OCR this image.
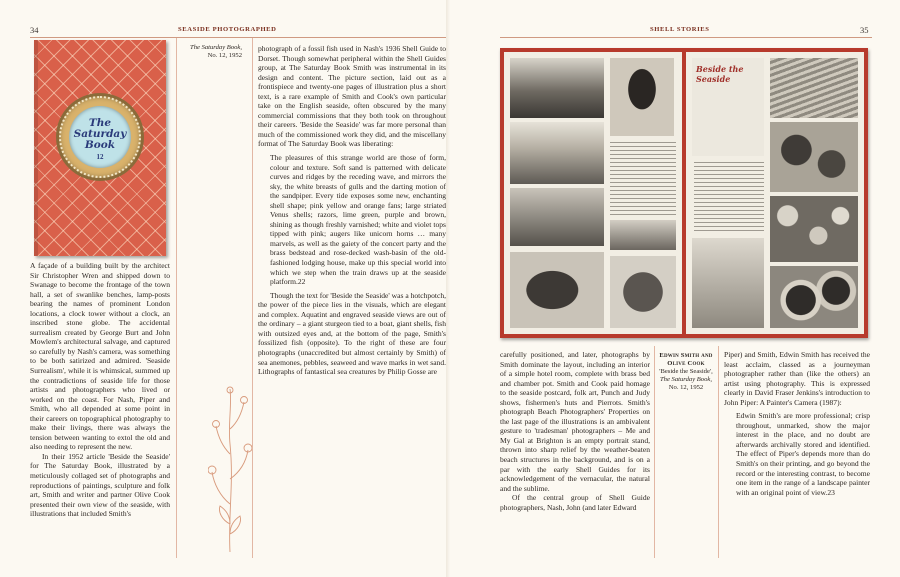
34	SEASIDE PHOTOGRAPHED
The Saturday Book
12
The Saturday Book,
No. 12, 1952

A façade of a building built by the architect Sir Christopher Wren and shipped down to Swanage to become the frontage of the town hall, a set of swanlike benches, lamp-posts bearing the names of prominent London locations, a clock tower without a clock, an inscribed stone globe. The accidental surrealism created by George Burt and John Mowlem's architectural salvage, and captured so carefully by Nash's camera, was something to be both satirized and admired. 'Seaside Surrealism', while it is whimsical, summed up the contradictions of seaside life for those artists and photographers who lived or worked on the coast. For Nash, Piper and Smith, who all depended at some point in their careers on topographical photography to make their livings, there was always the tension between wanting to extol the old and also needing to represent the new.

In their 1952 article 'Beside the Seaside' for The Saturday Book, illustrated by a meticulously collaged set of photographs and reproductions of paintings, sculpture and folk art, Smith and writer and partner Olive Cook presented their own view of the seaside, with illustrations that included Smith's

photograph of a fossil fish used in Nash's 1936 Shell Guide to Dorset. Though somewhat peripheral within the Shell Guides group, at The Saturday Book Smith was instrumental in its design and content. The picture section, laid out as a frontispiece and twenty-one pages of illustration plus a short text, is a rare example of Smith and Cook's own particular take on the English seaside, often obscured by the many commercial commissions that they both took on throughout their careers. 'Beside the Seaside' was far more personal than much of the commissioned work they did, and the miscellany format of The Saturday Book was liberating:

The pleasures of this strange world are those of form, colour and texture. Soft sand is patterned with delicate curves and ridges by the receding wave, and mirrors the sky, the white breasts of gulls and the darting motion of the sandpiper. Every tide exposes some new, enchanting shell shape; pink yellow and orange fans; large striated Venus shells; razors, lime green, purple and brown, shining as though freshly varnished; white and violet tops tipped with pink; augers like unicorn horns … many marvels, as well as the gaiety of the concert party and the brass bedstead and rose-decked wash-basin of the old-fashioned lodging house, make up this special world into which we step when the train draws up at the seaside platform.22

Though the text for 'Beside the Seaside' was a hotchpotch, the power of the piece lies in the visuals, which are elegant and complex. Aquatint and engraved seaside views are out of the ordinary – a giant sturgeon tied to a boat, giant shells, fish with outsized eyes and, at the bottom of the page, Smith's fossilized fish (opposite). To the right of these are four photographs (unaccredited but almost certainly by Smith) of sea anemones, pebbles, seaweed and wave marks in wet sand. Lithographs of fantastical sea creatures by Philip Gosse are

SHELL STORIES	35
Beside the Seaside

carefully positioned, and later, photographs by Smith dominate the layout, including an interior of a simple hotel room, complete with brass bed and chamber pot. Smith and Cook paid homage to the seaside postcard, folk art, Punch and Judy shows, fishermen's huts and Pierrots. Smith's photograph Beach Photographers' Properties on the last page of the illustrations is an ambivalent gesture to 'tradesman' photographers – Me and My Gal at Brighton is an empty portrait stand, thrown into sharp relief by the weather-beaten beach structures in the background, and is on a par with the early Shell Guides for its acknowledgement of the vernacular, the natural and the sublime.

Of the central group of Shell Guide photographers, Nash, John (and later Edward

Edwin Smith and Olive Cook
'Beside the Seaside',
The Saturday Book,
No. 12, 1952

Piper) and Smith, Edwin Smith has received the least acclaim, classed as a journeyman photographer rather than (like the others) an artist using photography. This is expressed clearly in David Fraser Jenkins's introduction to John Piper: A Painter's Camera (1987):

Edwin Smith's are more professional; crisp throughout, unmarked, show the major interest in the place, and no doubt are afterwards archivally stored and identified. The effect of Piper's depends more than do Smith's on their printing, and go beyond the record or the interesting contrast, to become one item in the range of a landscape painter with an original point of view.23
